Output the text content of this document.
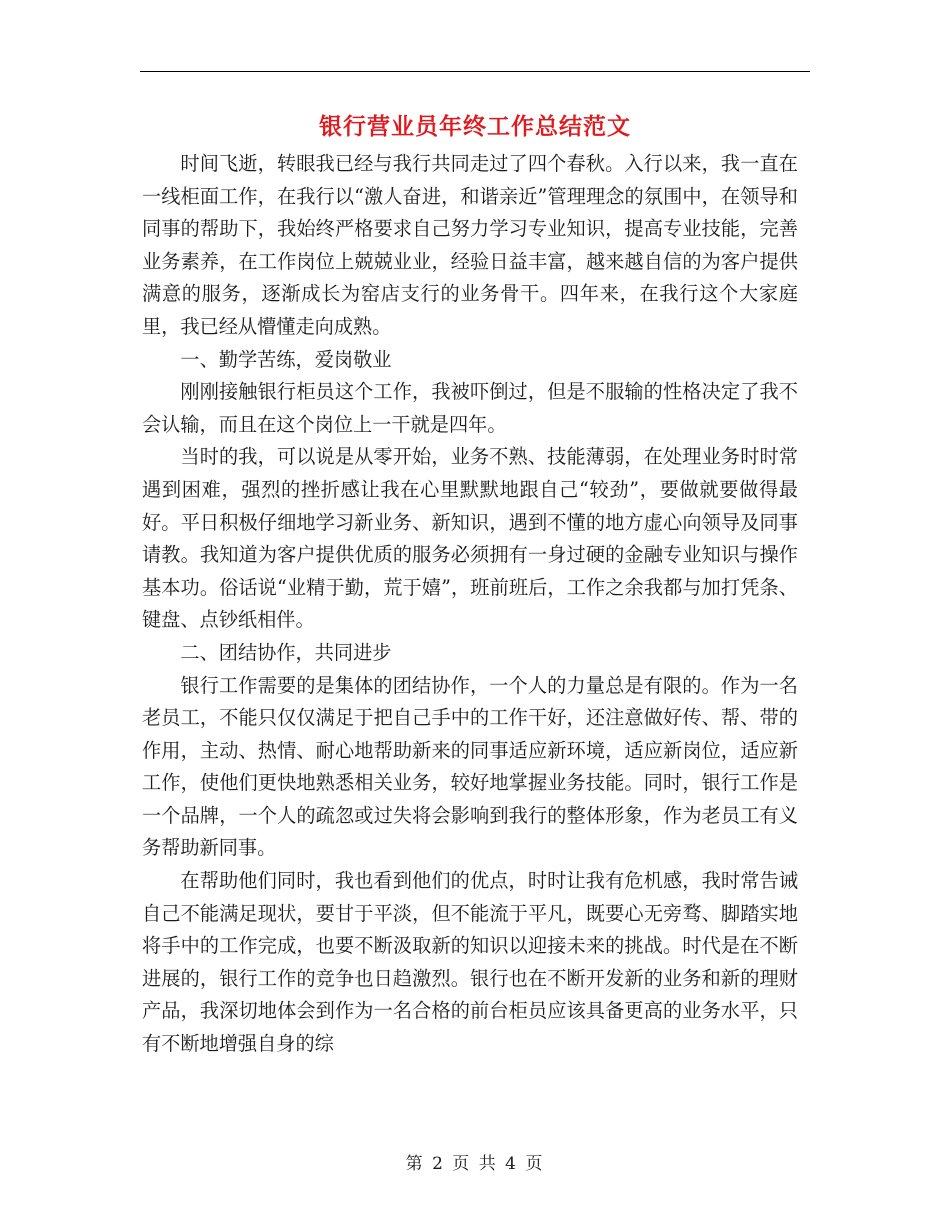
银行营业员年终工作总结范文

时间飞逝，转眼我已经与我行共同走过了四个春秋。入行以来，我一直在一线柜面工作，在我行以“激人奋进，和谐亲近”管理理念的氛围中，在领导和同事的帮助下，我始终严格要求自己努力学习专业知识，提高专业技能，完善业务素养，在工作岗位上兢兢业业，经验日益丰富，越来越自信的为客户提供满意的服务，逐渐成长为窑店支行的业务骨干。四年来，在我行这个大家庭里，我已经从懵懂走向成熟。

一、勤学苦练，爱岗敬业

刚刚接触银行柜员这个工作，我被吓倒过，但是不服输的性格决定了我不会认输，而且在这个岗位上一干就是四年。

当时的我，可以说是从零开始，业务不熟、技能薄弱，在处理业务时时常遇到困难，强烈的挫折感让我在心里默默地跟自己“较劲”，要做就要做得最好。平日积极仔细地学习新业务、新知识，遇到不懂的地方虚心向领导及同事请教。我知道为客户提供优质的服务必须拥有一身过硬的金融专业知识与操作基本功。俗话说“业精于勤，荒于嬉”，班前班后，工作之余我都与加打凭条、键盘、点钞纸相伴。

二、团结协作，共同进步

银行工作需要的是集体的团结协作，一个人的力量总是有限的。作为一名老员工，不能只仅仅满足于把自己手中的工作干好，还注意做好传、帮、带的作用，主动、热情、耐心地帮助新来的同事适应新环境，适应新岗位，适应新工作，使他们更快地熟悉相关业务，较好地掌握业务技能。同时，银行工作是一个品牌，一个人的疏忽或过失将会影响到我行的整体形象，作为老员工有义务帮助新同事。

在帮助他们同时，我也看到他们的优点，时时让我有危机感，我时常告诫自己不能满足现状，要甘于平淡，但不能流于平凡，既要心无旁骛、脚踏实地将手中的工作完成，也要不断汲取新的知识以迎接未来的挑战。时代是在不断进展的，银行工作的竞争也日趋激烈。银行也在不断开发新的业务和新的理财产品，我深切地体会到作为一名合格的前台柜员应该具备更高的业务水平，只有不断地增强自身的综

第 2 页 共 4 页
